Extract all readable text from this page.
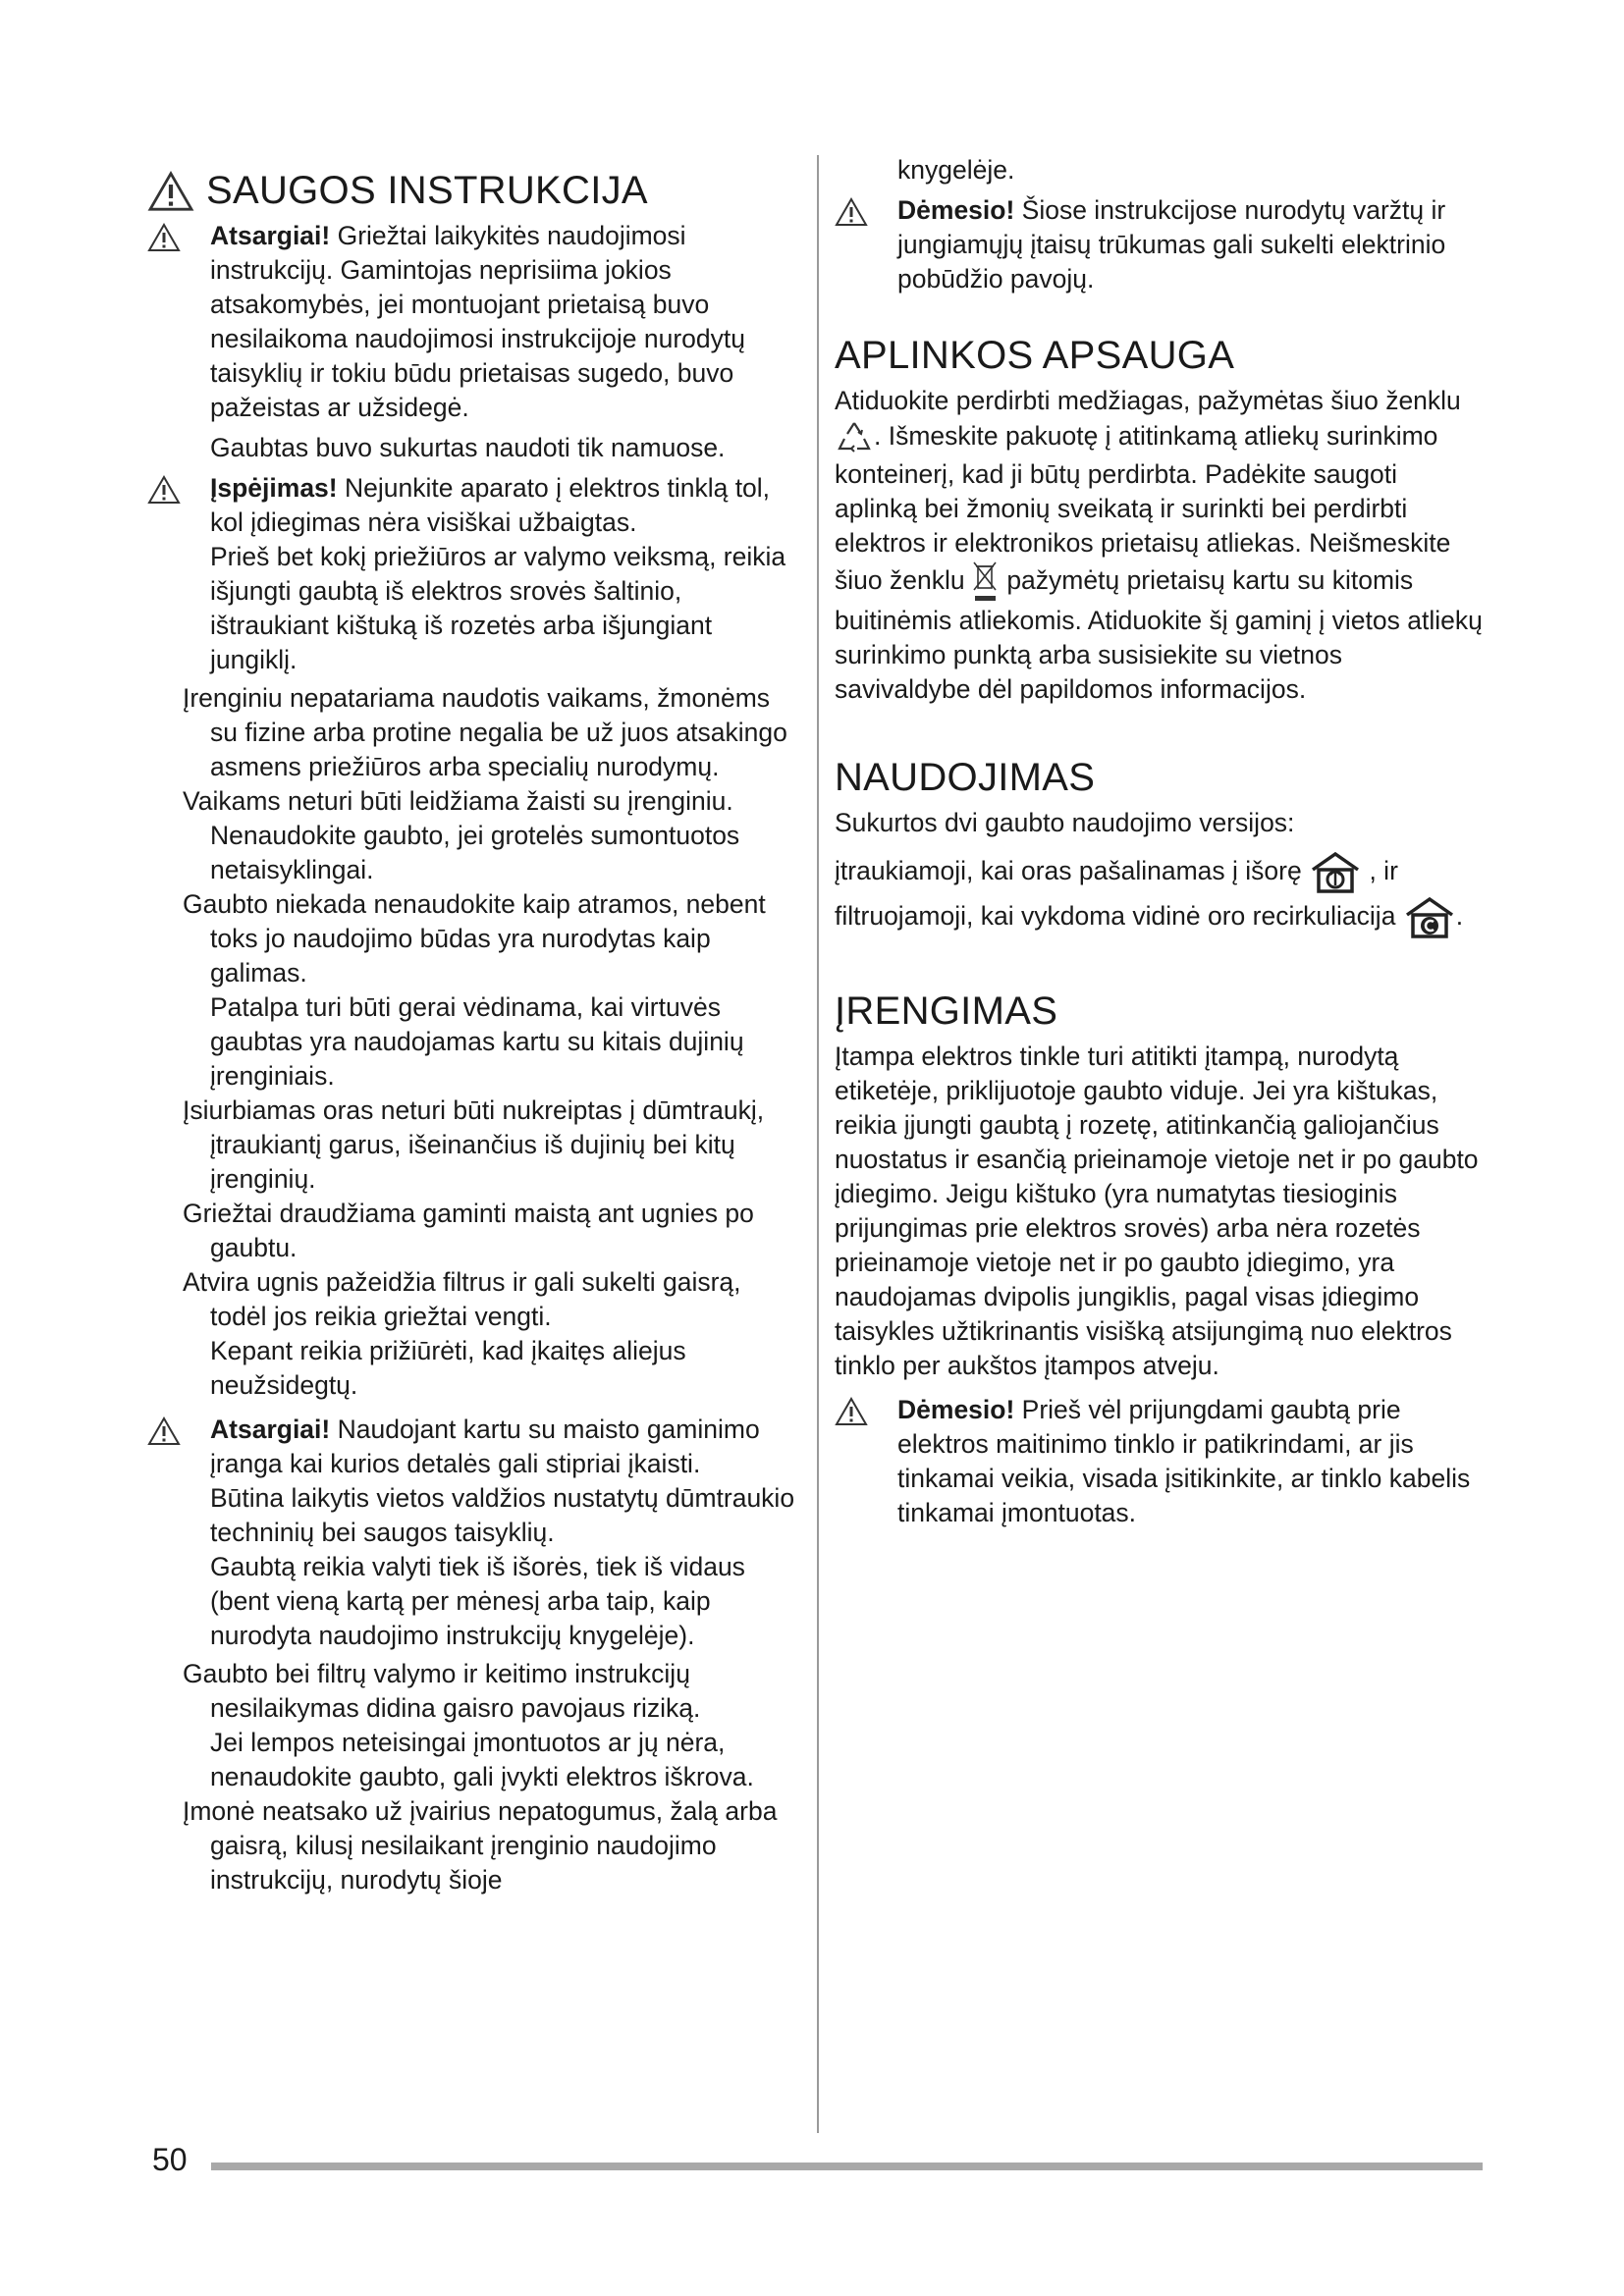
SAUGOS INSTRUKCIJA
Atsargiai! Griežtai laikykitės naudojimosi instrukcijų. Gamintojas neprisiima jokios atsakomybės, jei montuojant prietaisą buvo nesilaikoma naudojimosi instrukcijoje nurodytų taisyklių ir tokiu būdu prietaisas sugedo, buvo pažeistas ar užsidegė.
Gaubtas buvo sukurtas naudoti tik namuose.
Įspėjimas! Nejunkite aparato į elektros tinklą tol, kol įdiegimas nėra visiškai užbaigtas.
Prieš bet kokį priežiūros ar valymo veiksmą, reikia išjungti gaubtą iš elektros srovės šaltinio, ištraukiant kištuką iš rozetės arba išjungiant jungiklį.
Įrenginiu nepatariama naudotis vaikams, žmonėms su fizine arba protine negalia be už juos atsakingo asmens priežiūros arba specialių nurodymų.
Vaikams neturi būti leidžiama žaisti su įrenginiu. Nenaudokite gaubto, jei grotelės sumontuotos netaisyklingai.
Gaubto niekada nenaudokite kaip atramos, nebent toks jo naudojimo būdas yra nurodytas kaip galimas.
Patalpa turi būti gerai vėdinama, kai virtuvės gaubtas yra naudojamas kartu su kitais dujinių įrenginiais.
Įsiurbiamas oras neturi būti nukreiptas į dūmtraukį, įtraukiantį garus, išeinančius iš dujinių bei kitų įrenginių.
Griežtai draudžiama gaminti maistą ant ugnies po gaubtu.
Atvira ugnis pažeidžia filtrus ir gali sukelti gaisrą, todėl jos reikia griežtai vengti.
Kepant reikia prižiūrėti, kad įkaitęs aliejus neužsidegtų.
Atsargiai! Naudojant kartu su maisto gaminimo įranga kai kurios detalės gali stipriai įkaisti.
Būtina laikytis vietos valdžios nustatytų dūmtraukio techninių bei saugos taisyklių.
Gaubtą reikia valyti tiek iš išorės, tiek iš vidaus (bent vieną kartą per mėnesį arba taip, kaip nurodyta naudojimo instrukcijų knygelėje).
Gaubto bei filtrų valymo ir keitimo instrukcijų nesilaikymas didina gaisro pavojaus riziką.
Jei lempos neteisingai įmontuotos ar jų nėra, nenaudokite gaubto, gali įvykti elektros iškrova.
Įmonė neatsako už įvairius nepatogumus, žalą arba gaisrą, kilusį nesilaikant įrenginio naudojimo instrukcijų, nurodytų šioje
knygelėje.
Dėmesio! Šiose instrukcijose nurodytų varžtų ir jungiamųjų įtaisų trūkumas gali sukelti elektrinio pobūdžio pavojų.
APLINKOS APSAUGA
Atiduokite perdirbti medžiagas, pažymėtas šiuo ženklu . Išmeskite pakuotę į atitinkamą atliekų surinkimo konteinerį, kad ji būtų perdirbta. Padėkite saugoti aplinką bei žmonių sveikatą ir surinkti bei perdirbti elektros ir elektronikos prietaisų atliekas. Neišmeskite šiuo ženklu  pažymėtų prietaisų kartu su kitomis buitinėmis atliekomis. Atiduokite šį gaminį į vietos atliekų surinkimo punktą arba susisiekite su vietnos savivaldybe dėl papildomos informacijos.
NAUDOJIMAS
Sukurtos dvi gaubto naudojimo versijos:
įtraukiamoji, kai oras pašalinamas į išorę  , ir filtruojamoji, kai vykdoma vidinė oro recirkuliacija .
ĮRENGIMAS
Įtampa elektros tinkle turi atitikti įtampą, nurodytą etiketėje, priklijuotoje gaubto viduje. Jei yra kištukas, reikia įjungti gaubtą į rozetę, atitinkančią galiojančius nuostatus ir esančią prieinamoje vietoje net ir po gaubto įdiegimo. Jeigu kištuko (yra numatytas tiesioginis prijungimas prie elektros srovės) arba nėra rozetės prieinamoje vietoje net ir po gaubto įdiegimo, yra naudojamas dvipolis jungiklis, pagal visas įdiegimo taisykles užtikrinantis visišką atsijungimą nuo elektros tinklo per aukštos įtampos atveju.
Dėmesio! Prieš vėl prijungdami gaubtą prie elektros maitinimo tinklo ir patikrindami, ar jis tinkamai veikia, visada įsitikinkite, ar tinklo kabelis tinkamai įmontuotas.
50
